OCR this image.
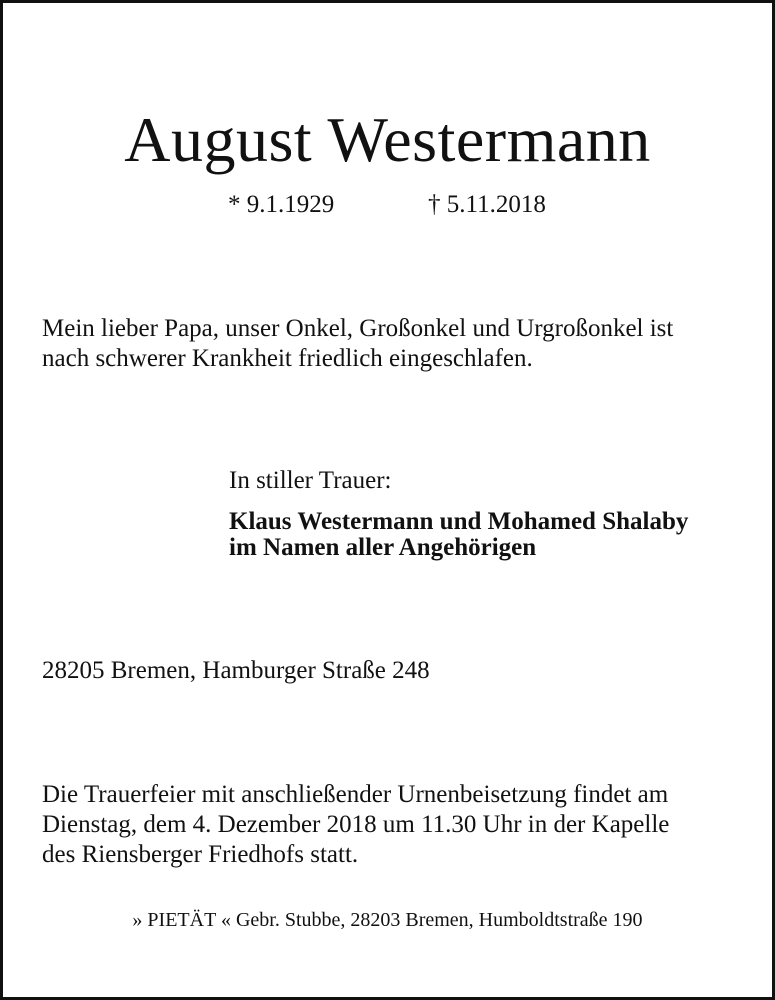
August Westermann
* 9.1.1929	† 5.11.2018
Mein lieber Papa, unser Onkel, Großonkel und Urgroßonkel ist
nach schwerer Krankheit friedlich eingeschlafen.
In stiller Trauer:
Klaus Westermann und Mohamed Shalaby
im Namen aller Angehörigen
28205 Bremen, Hamburger Straße 248
Die Trauerfeier mit anschließender Urnenbeisetzung findet am
Dienstag, dem 4. Dezember 2018 um 11.30 Uhr in der Kapelle
des Riensberger Friedhofs statt.
» PIETÄT « Gebr. Stubbe, 28203 Bremen, Humboldtstraße 190
